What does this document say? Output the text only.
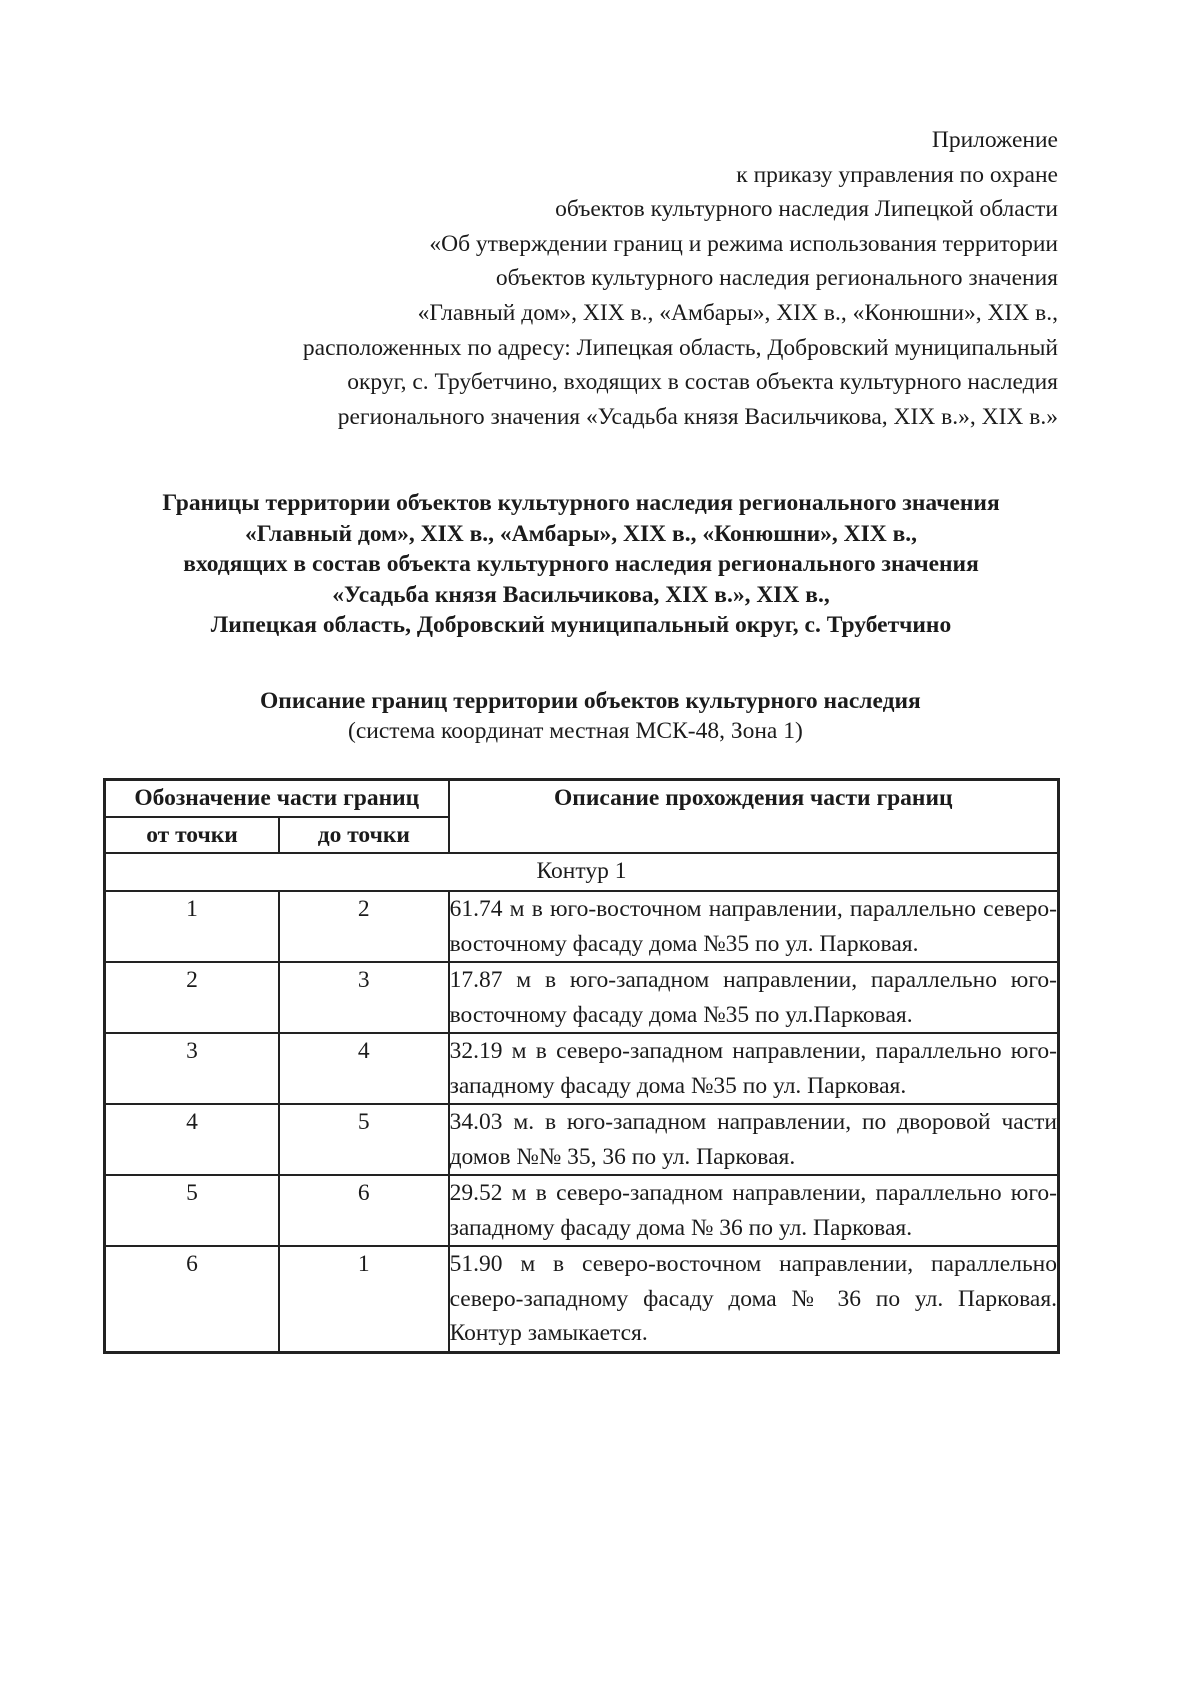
Приложение
к приказу управления по охране
объектов культурного наследия Липецкой области
«Об утверждении границ и режима использования территории
объектов культурного наследия регионального значения
«Главный дом», XIX в., «Амбары», XIX в., «Конюшни», XIX в.,
расположенных по адресу: Липецкая область, Добровский муниципальный
округ, с. Трубетчино, входящих в состав объекта культурного наследия
регионального значения «Усадьба князя Васильчикова, XIX в.», XIX в.»
Границы территории объектов культурного наследия регионального значения
«Главный дом», XIX в., «Амбары», XIX в., «Конюшни», XIX в.,
входящих в состав объекта культурного наследия регионального значения
«Усадьба князя Васильчикова, XIX в.», XIX в.,
Липецкая область, Добровский муниципальный округ, с. Трубетчино
Описание границ территории объектов культурного наследия
(система координат местная МСК-48, Зона 1)
Обозначение части границ		Описание прохождения части границ
от точки	до точки	
Контур 1		
1	2	61.74 м в юго-восточном направлении, параллельно северо-восточному фасаду дома №35 по ул. Парковая.
2	3	17.87 м в юго-западном направлении, параллельно юго-восточному фасаду дома №35 по ул.Парковая.
3	4	32.19 м в северо-западном направлении, параллельно юго-западному фасаду дома №35 по ул. Парковая.
4	5	34.03 м. в юго-западном направлении, по дворовой части домов №№ 35, 36 по ул. Парковая.
5	6	29.52 м в северо-западном направлении, параллельно юго-западному фасаду дома № 36 по ул. Парковая.
6	1	51.90 м в северо-восточном направлении, параллельно северо-западному фасаду дома № 36 по ул. Парковая. Контур замыкается.
